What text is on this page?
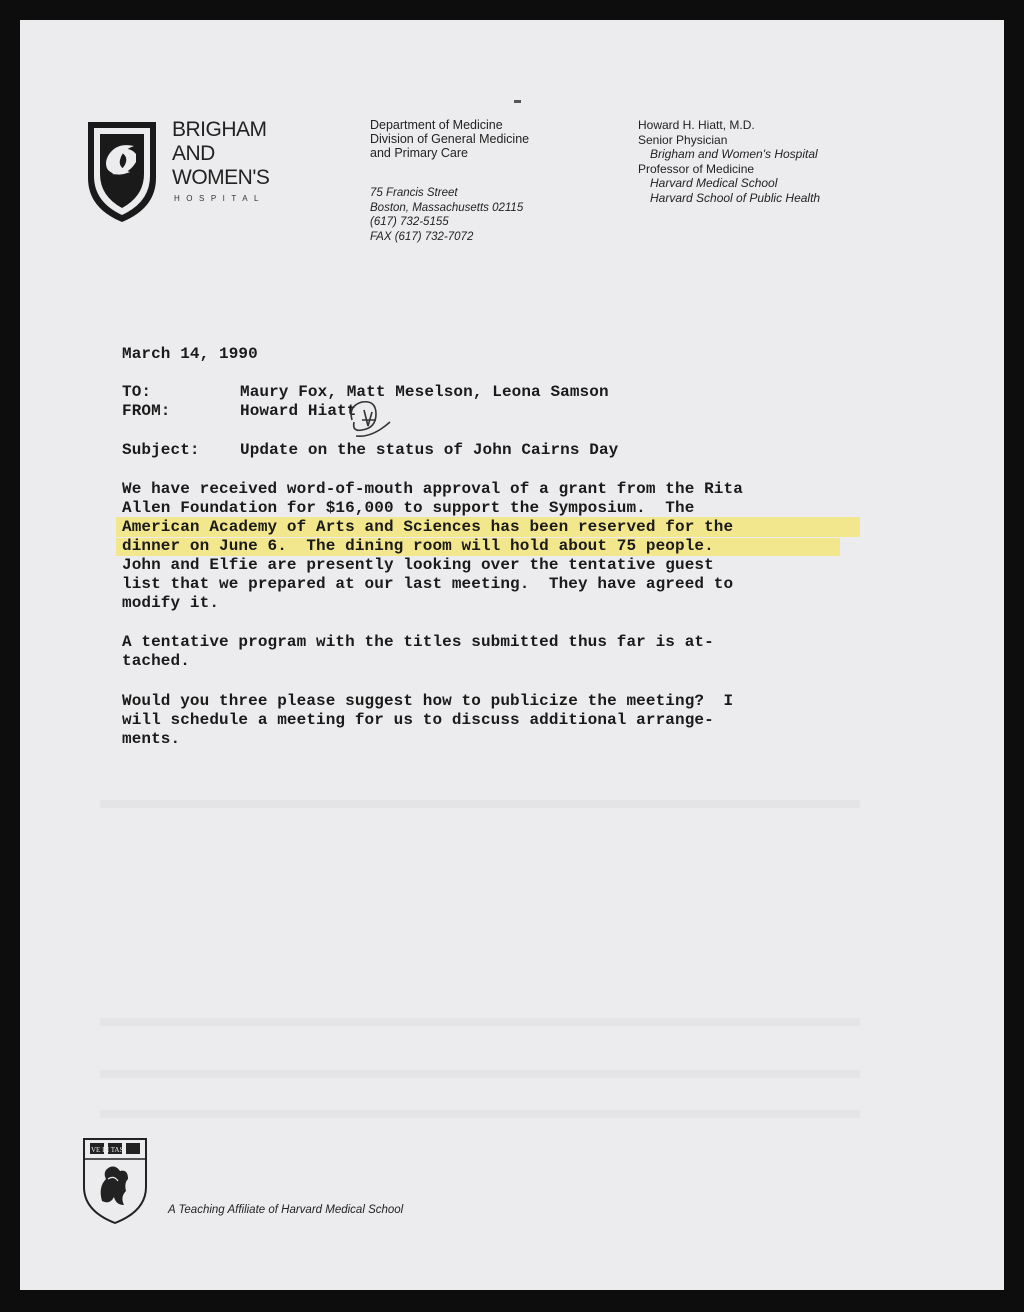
BRIGHAM
AND
WOMEN'S
HOSPITAL
Department of Medicine
Division of General Medicine
and Primary Care
75 Francis Street
Boston, Massachusetts 02115
(617) 732-5155
FAX (617) 732-7072
Howard H. Hiatt, M.D.
Senior Physician
Brigham and Women's Hospital
Professor of Medicine
Harvard Medical School
Harvard School of Public Health
March 14, 1990
TO:	Maury Fox, Matt Meselson, Leona Samson
FROM:	Howard Hiatt
Subject:	Update on the status of John Cairns Day
We have received word-of-mouth approval of a grant from the Rita
Allen Foundation for $16,000 to support the Symposium.  The
American Academy of Arts and Sciences has been reserved for the
dinner on June 6.  The dining room will hold about 75 people.
John and Elfie are presently looking over the tentative guest
list that we prepared at our last meeting.  They have agreed to
modify it.
A tentative program with the titles submitted thus far is at-
tached.
Would you three please suggest how to publicize the meeting?  I
will schedule a meeting for us to discuss additional arrange-
ments.
VE RI TAS
A Teaching Affiliate of Harvard Medical School
